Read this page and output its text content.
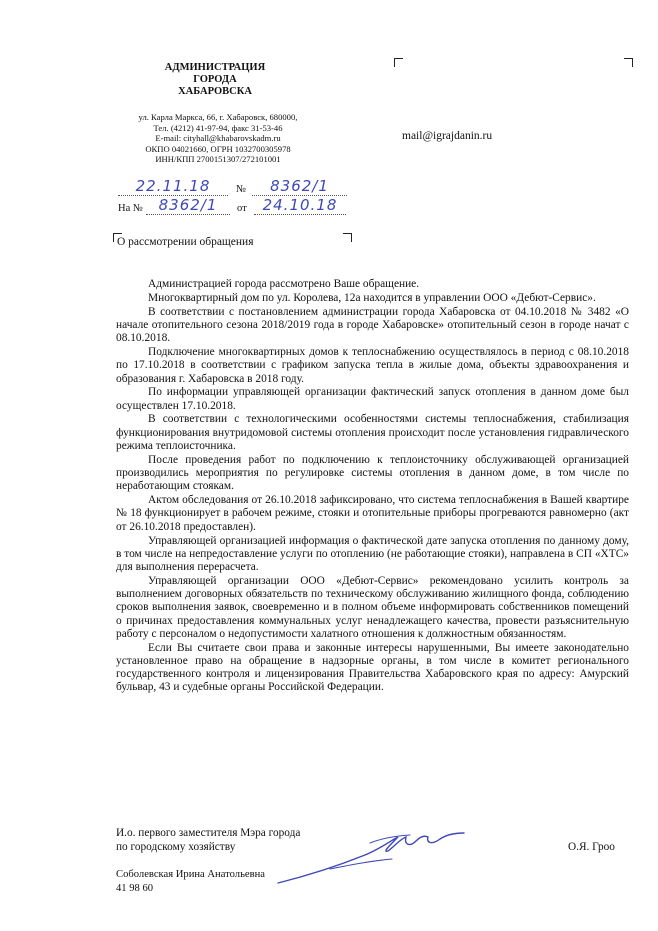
АДМИНИСТРАЦИЯ ГОРОДА
ХАБАРОВСКА
ул. Карла Маркса, 66, г. Хабаровск, 680000,
Тел. (4212) 41-97-94, факс 31-53-46
E-mail: cityhall@khabarovskadm.ru
ОКПО 04021660, ОГРН 1032700305978
ИНН/КПП 2700151307/272101001
mail@igrajdanin.ru
22.11.18	№	8362/1
На №	8362/1	от	24.10.18
О рассмотрении обращения

Администрацией города рассмотрено Ваше обращение.

Многоквартирный дом по ул. Королева, 12а находится в управлении ООО «Дебют-Сервис».

В соответствии с постановлением администрации города Хабаровска от 04.10.2018 № 3482 «О начале отопительного сезона 2018/2019 года в городе Хабаровске» отопительный сезон в городе начат с 08.10.2018.

Подключение многоквартирных домов к теплоснабжению осуществлялось в период с 08.10.2018 по 17.10.2018 в соответствии с графиком запуска тепла в жилые дома, объекты здравоохранения и образования г. Хабаровска в 2018 году.

По информации управляющей организации фактический запуск отопления в данном доме был осуществлен 17.10.2018.

В соответствии с технологическими особенностями системы теплоснабжения, стабилизация функционирования внутридомовой системы отопления происходит после установления гидравлического режима теплоисточника.

После проведения работ по подключению к теплоисточнику обслуживающей организацией производились мероприятия по регулировке системы отопления в данном доме, в том числе по неработающим стоякам.

Актом обследования от 26.10.2018 зафиксировано, что система теплоснабжения в Вашей квартире № 18 функционирует в рабочем режиме, стояки и отопительные приборы прогреваются равномерно (акт от 26.10.2018 предоставлен).

Управляющей организацией информация о фактической дате запуска отопления по данному дому, в том числе на непредоставление услуги по отоплению (не работающие стояки), направлена в СП «ХТС» для выполнения перерасчета.

Управляющей организации ООО «Дебют-Сервис» рекомендовано усилить контроль за выполнением договорных обязательств по техническому обслуживанию жилищного фонда, соблюдению сроков выполнения заявок, своевременно и в полном объеме информировать собственников помещений о причинах предоставления коммунальных услуг ненадлежащего качества, провести разъяснительную работу с персоналом о недопустимости халатного отношения к должностным обязанностям.

Если Вы считаете свои права и законные интересы нарушенными, Вы имеете законодательно установленное право на обращение в надзорные органы, в том числе в комитет регионального государственного контроля и лицензирования Правительства Хабаровского края по адресу: Амурский бульвар, 43 и судебные органы Российской Федерации.

И.о. первого заместителя Мэра города
по городскому хозяйству	О.Я. Гроо
Соболевская Ирина Анатольевна
41 98 60
